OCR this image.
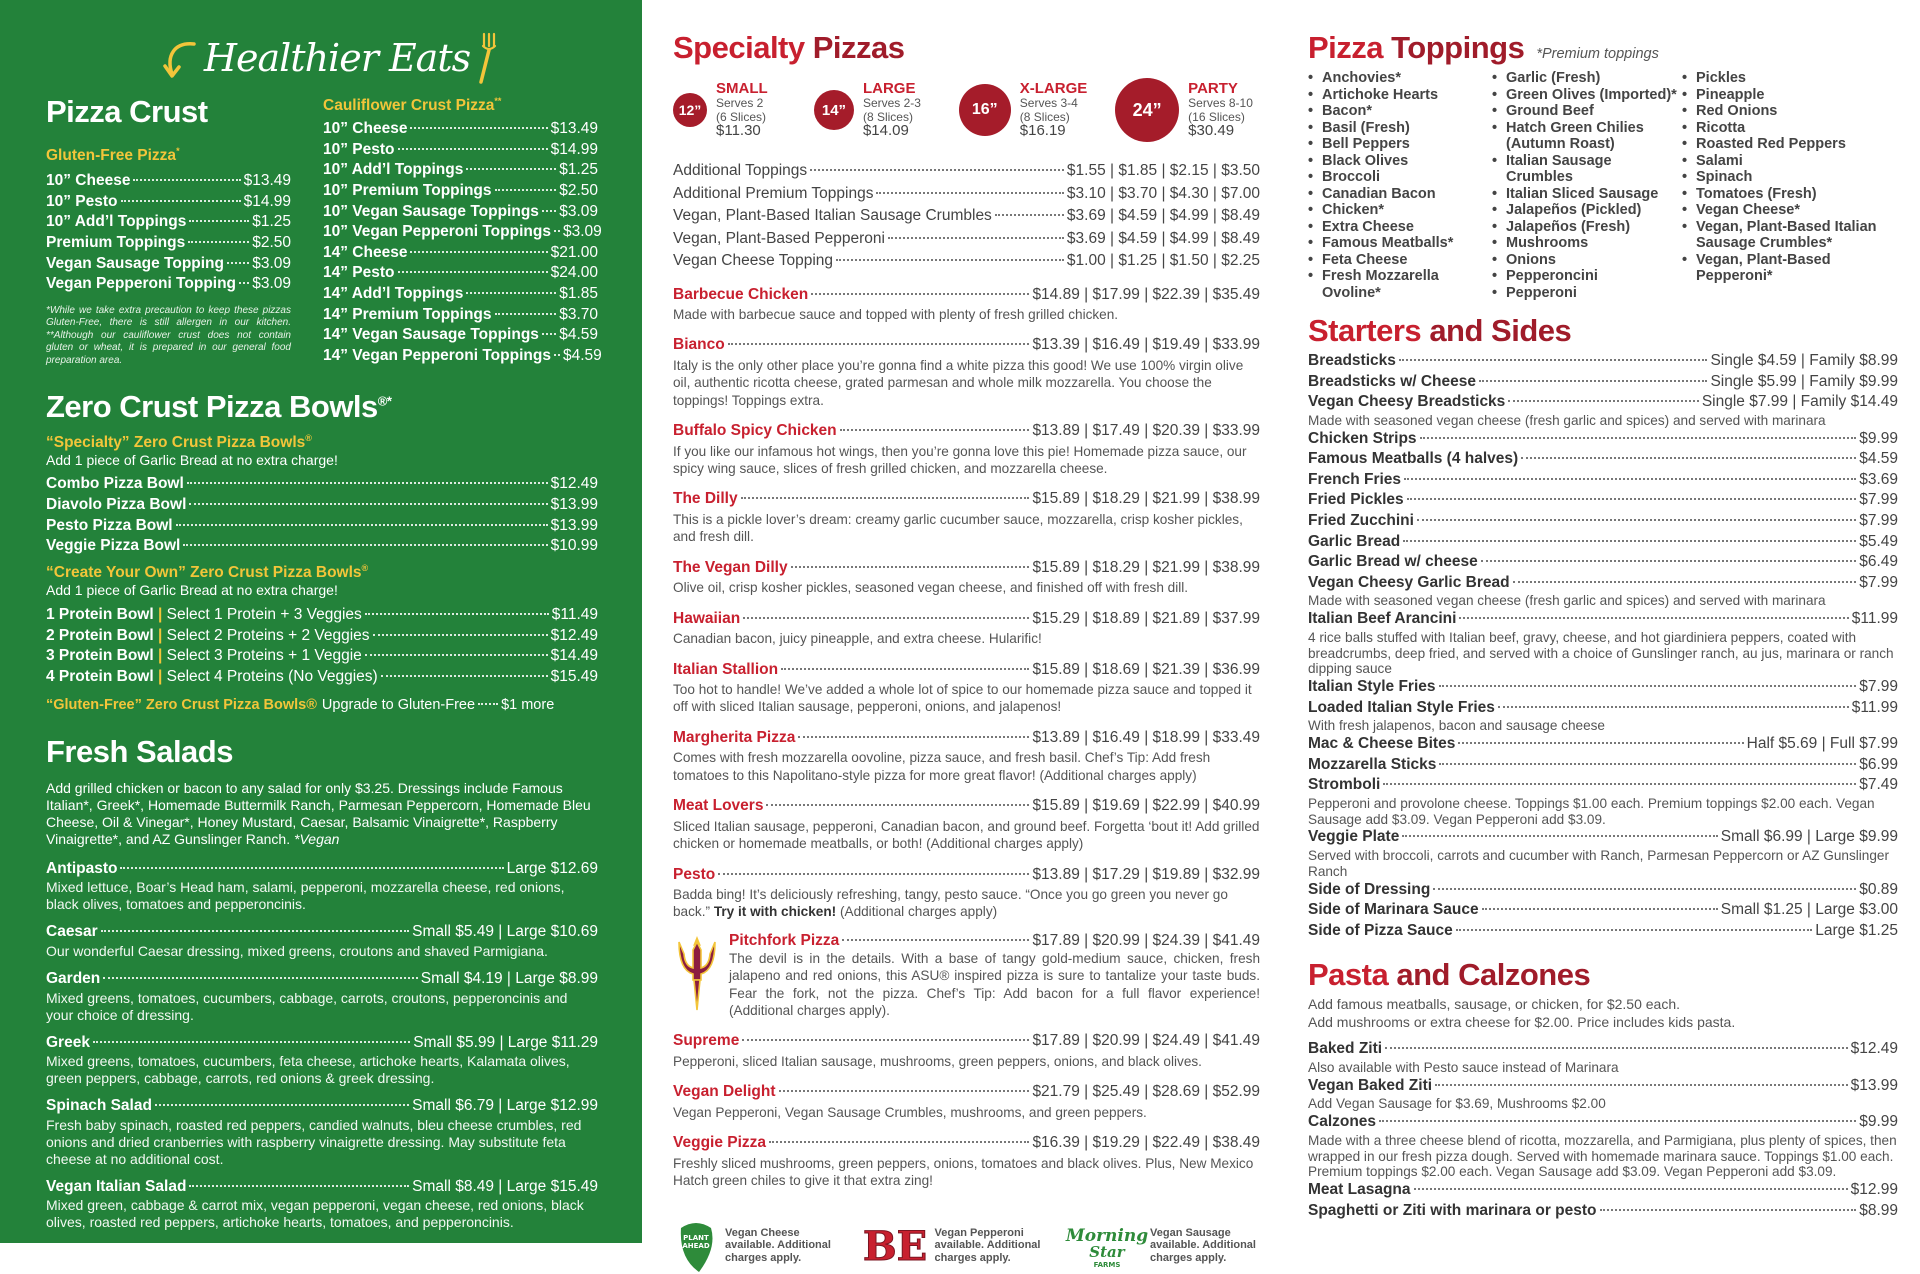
Healthier Eats
Pizza Crust
Gluten-Free Pizza*
10” Cheese	$13.49
10” Pesto	$14.99
10” Add’l Toppings	$1.25
Premium Toppings	$2.50
Vegan Sausage Topping $3.09
Vegan Pepperoni Topping $3.09
*While we take extra precaution to keep these pizzas Gluten-Free, there is still allergen in our kitchen. **Although our cauliflower crust does not contain gluten or wheat, it is prepared in our general food preparation area.
Cauliflower Crust Pizza**
10” Cheese	$13.49
10” Pesto	$14.99
10” Add’l Toppings	$1.25
10” Premium Toppings	$2.50
10” Vegan Sausage Toppings $3.09
10” Vegan Pepperoni Toppings $3.09
14” Cheese	$21.00
14” Pesto	$24.00
14” Add’l Toppings	$1.85
14” Premium Toppings	$3.70
14” Vegan Sausage Toppings $4.59
14” Vegan Pepperoni Toppings $4.59
Zero Crust Pizza Bowls®*
“Specialty” Zero Crust Pizza Bowls®
Add 1 piece of Garlic Bread at no extra charge!
Combo Pizza Bowl	$12.49
Diavolo Pizza Bowl	$13.99
Pesto Pizza Bowl	$13.99
Veggie Pizza Bowl	$10.99
“Create Your Own” Zero Crust Pizza Bowls®
Add 1 piece of Garlic Bread at no extra charge!
1 Protein Bowl | Select 1 Protein + 3 Veggies	$11.49
2 Protein Bowl | Select 2 Proteins + 2 Veggies	$12.49
3 Protein Bowl | Select 3 Proteins + 1 Veggie	$14.49
4 Protein Bowl | Select 4 Proteins (No Veggies)	$15.49
“Gluten-Free” Zero Crust Pizza Bowls® Upgrade to Gluten-Free $1 more
Fresh Salads
Add grilled chicken or bacon to any salad for only $3.25. Dressings include Famous Italian*, Greek*, Homemade Buttermilk Ranch, Parmesan Peppercorn, Homemade Bleu Cheese, Oil & Vinegar*, Honey Mustard, Caesar, Balsamic Vinaigrette*, Raspberry Vinaigrette*, and AZ Gunslinger Ranch. *Vegan
Antipasto	Large $12.69
Mixed lettuce, Boar’s Head ham, salami, pepperoni, mozzarella cheese, red onions, black olives, tomatoes and pepperoncinis.
Caesar	Small $5.49 | Large $10.69
Our wonderful Caesar dressing, mixed greens, croutons and shaved Parmigiana.
Garden	Small $4.19 | Large $8.99
Mixed greens, tomatoes, cucumbers, cabbage, carrots, croutons, pepperoncinis and your choice of dressing.
Greek	Small $5.99 | Large $11.29
Mixed greens, tomatoes, cucumbers, feta cheese, artichoke hearts, Kalamata olives, green peppers, cabbage, carrots, red onions & greek dressing.
Spinach Salad	Small $6.79 | Large $12.99
Fresh baby spinach, roasted red peppers, candied walnuts, bleu cheese crumbles, red onions and dried cranberries with raspberry vinaigrette dressing. May substitute feta cheese at no additional cost.
Vegan Italian Salad	Small $8.49 | Large $15.49
Mixed green, cabbage & carrot mix, vegan pepperoni, vegan cheese, red onions, black olives, roasted red peppers, artichoke hearts, tomatoes, and pepperoncinis.
Specialty Pizzas
12”
SMALL
Serves 2
(6 Slices)
$11.30
14”
LARGE
Serves 2-3
(8 Slices)
$14.09
16”
X-LARGE
Serves 3-4
(8 Slices)
$16.19
24”
PARTY
Serves 8-10
(16 Slices)
$30.49
Additional Toppings	$1.55 | $1.85 | $2.15 | $3.50
Additional Premium Toppings	$3.10 | $3.70 | $4.30 | $7.00
Vegan, Plant-Based Italian Sausage Crumbles	$3.69 | $4.59 | $4.99 | $8.49
Vegan, Plant-Based Pepperoni	$3.69 | $4.59 | $4.99 | $8.49
Vegan Cheese Topping	$1.00 | $1.25 | $1.50 | $2.25
Barbecue Chicken	$14.89 | $17.99 | $22.39 | $35.49
Made with barbecue sauce and topped with plenty of fresh grilled chicken.
Bianco	$13.39 | $16.49 | $19.49 | $33.99
Italy is the only other place you’re gonna find a white pizza this good! We use 100% virgin olive oil, authentic ricotta cheese, grated parmesan and whole milk mozzarella. You choose the toppings! Toppings extra.
Buffalo Spicy Chicken	$13.89 | $17.49 | $20.39 | $33.99
If you like our infamous hot wings, then you’re gonna love this pie! Homemade pizza sauce, our spicy wing sauce, slices of fresh grilled chicken, and mozzarella cheese.
The Dilly	$15.89 | $18.29 | $21.99 | $38.99
This is a pickle lover’s dream: creamy garlic cucumber sauce, mozzarella, crisp kosher pickles, and fresh dill.
The Vegan Dilly	$15.89 | $18.29 | $21.99 | $38.99
Olive oil, crisp kosher pickles, seasoned vegan cheese, and finished off with fresh dill.
Hawaiian	$15.29 | $18.89 | $21.89 | $37.99
Canadian bacon, juicy pineapple, and extra cheese. Hularific!
Italian Stallion	$15.89 | $18.69 | $21.39 | $36.99
Too hot to handle! We’ve added a whole lot of spice to our homemade pizza sauce and topped it off with sliced Italian sausage, pepperoni, onions, and jalapenos!
Margherita Pizza	$13.89 | $16.49 | $18.99 | $33.49
Comes with fresh mozzarella oovoline, pizza sauce, and fresh basil. Chef’s Tip: Add fresh tomatoes to this Napolitano-style pizza for more great flavor! (Additional charges apply)
Meat Lovers	$15.89 | $19.69 | $22.99 | $40.99
Sliced Italian sausage, pepperoni, Canadian bacon, and ground beef. Forgetta ‘bout it! Add grilled chicken or homemade meatballs, or both! (Additional charges apply)
Pesto	$13.89 | $17.29 | $19.89 | $32.99
Badda bing! It’s deliciously refreshing, tangy, pesto sauce. “Once you go green you never go back.” Try it with chicken! (Additional charges apply)
Pitchfork Pizza	$17.89 | $20.99 | $24.39 | $41.49
The devil is in the details. With a base of tangy gold-medium sauce, chicken, fresh jalapeno and red onions, this ASU® inspired pizza is sure to tantalize your taste buds. Fear the fork, not the pizza. Chef’s Tip: Add bacon for a full flavor experience! (Additional charges apply).
Supreme	$17.89 | $20.99 | $24.49 | $41.49
Pepperoni, sliced Italian sausage, mushrooms, green peppers, onions, and black olives.
Vegan Delight	$21.79 | $25.49 | $28.69 | $52.99
Vegan Pepperoni, Vegan Sausage Crumbles, mushrooms, and green peppers.
Veggie Pizza	$16.39 | $19.29 | $22.49 | $38.49
Freshly sliced mushrooms, green peppers, onions, tomatoes and black olives. Plus, New Mexico Hatch green chiles to give it that extra zing!
PLANT
AHEAD
Vegan Cheese
available. Additional
charges apply.	BE Vegan Pepperoni
available. Additional
charges apply.
Morning
Star
FARMS
Vegan Sausage
available. Additional
charges apply.
Pizza Toppings *Premium toppings
• Anchovies*
• Artichoke Hearts
• Bacon*
• Basil (Fresh)
• Bell Peppers
• Black Olives
• Broccoli
• Canadian Bacon
• Chicken*
• Extra Cheese
• Famous Meatballs*
• Feta Cheese
• Fresh Mozzarella Ovoline*
• Garlic (Fresh)
• Green Olives (Imported)*
• Ground Beef
• Hatch Green Chilies (Autumn Roast)
• Italian Sausage Crumbles
• Italian Sliced Sausage
• Jalapeños (Pickled)
• Jalapeños (Fresh)
• Mushrooms
• Onions
• Pepperoncini
• Pepperoni
• Pickles
• Pineapple
• Red Onions
• Ricotta
• Roasted Red Peppers
• Salami
• Spinach
• Tomatoes (Fresh)
• Vegan Cheese*
• Vegan, Plant-Based Italian Sausage Crumbles*
• Vegan, Plant-Based Pepperoni*
Starters and Sides
Breadsticks	Single $4.59 | Family $8.99
Breadsticks w/ Cheese	Single $5.99 | Family $9.99
Vegan Cheesy Breadsticks	Single $7.99 | Family $14.49
Made with seasoned vegan cheese (fresh garlic and spices) and served with marinara
Chicken Strips	$9.99
Famous Meatballs (4 halves)	$4.59
French Fries	$3.69
Fried Pickles	$7.99
Fried Zucchini	$7.99
Garlic Bread	$5.49
Garlic Bread w/ cheese	$6.49
Vegan Cheesy Garlic Bread	$7.99
Made with seasoned vegan cheese (fresh garlic and spices) and served with marinara
Italian Beef Arancini	$11.99
4 rice balls stuffed with Italian beef, gravy, cheese, and hot giardiniera peppers, coated with breadcrumbs, deep fried, and served with a choice of Gunslinger ranch, au jus, marinara or ranch dipping sauce
Italian Style Fries	$7.99
Loaded Italian Style Fries	$11.99
With fresh jalapenos, bacon and sausage cheese
Mac & Cheese Bites	Half $5.69 | Full $7.99
Mozzarella Sticks	$6.99
Stromboli	$7.49
Pepperoni and provolone cheese. Toppings $1.00 each. Premium toppings $2.00 each. Vegan Sausage add $3.09. Vegan Pepperoni add $3.09.
Veggie Plate	Small $6.99 | Large $9.99
Served with broccoli, carrots and cucumber with Ranch, Parmesan Peppercorn or AZ Gunslinger Ranch
Side of Dressing	$0.89
Side of Marinara Sauce	Small $1.25 | Large $3.00
Side of Pizza Sauce	Large $1.25
Pasta and Calzones
Add famous meatballs, sausage, or chicken, for $2.50 each.
Add mushrooms or extra cheese for $2.00. Price includes kids pasta.
Baked Ziti	$12.49
Also available with Pesto sauce instead of Marinara
Vegan Baked Ziti	$13.99
Add Vegan Sausage for $3.69, Mushrooms $2.00
Calzones	$9.99
Made with a three cheese blend of ricotta, mozzarella, and Parmigiana, plus plenty of spices, then wrapped in our fresh pizza dough. Served with homemade marinara sauce. Toppings $1.00 each. Premium toppings $2.00 each. Vegan Sausage add $3.09. Vegan Pepperoni add $3.09.
Meat Lasagna	$12.99
Spaghetti or Ziti with marinara or pesto	$8.99
